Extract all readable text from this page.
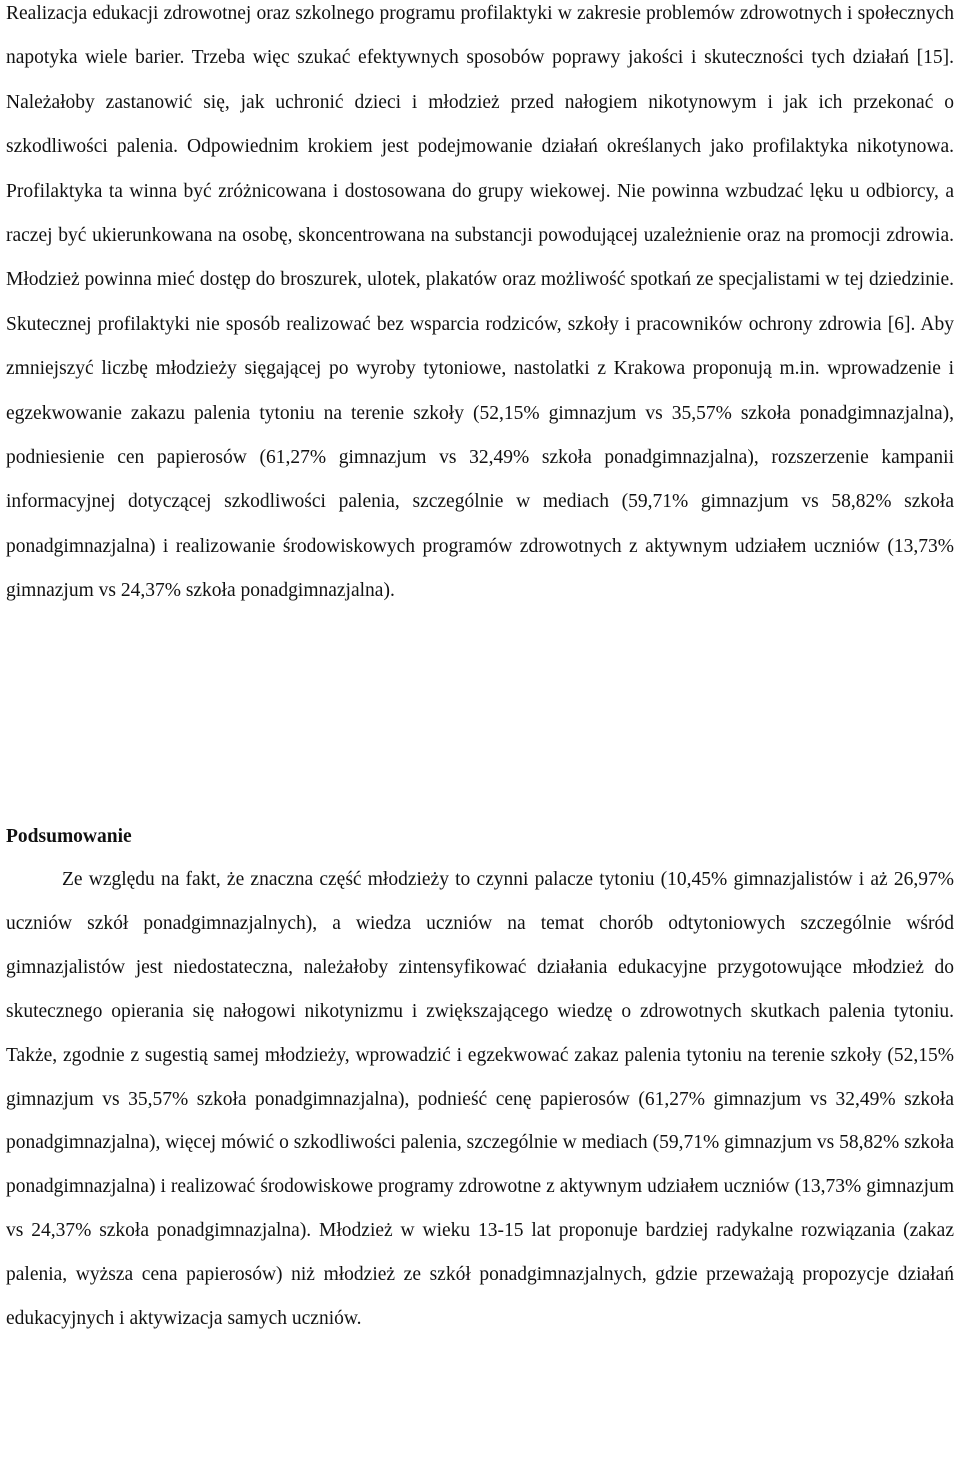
Realizacja edukacji zdrowotnej oraz szkolnego programu profilaktyki w zakresie problemów zdrowotnych i społecznych napotyka wiele barier. Trzeba więc szukać efektywnych sposobów poprawy jakości i skuteczności tych działań [15]. Należałoby zastanowić się, jak uchronić dzieci i młodzież przed nałogiem nikotynowym i jak ich przekonać o szkodliwości palenia. Odpowiednim krokiem jest podejmowanie działań określanych jako profilaktyka nikotynowa. Profilaktyka ta winna być zróżnicowana i dostosowana do grupy wiekowej. Nie powinna wzbudzać lęku u odbiorcy, a raczej być ukierunkowana na osobę, skoncentrowana na substancji powodującej uzależnienie oraz na promocji zdrowia. Młodzież powinna mieć dostęp do broszurek, ulotek, plakatów oraz możliwość spotkań ze specjalistami w tej dziedzinie. Skutecznej profilaktyki nie sposób realizować bez wsparcia rodziców, szkoły i pracowników ochrony zdrowia [6]. Aby zmniejszyć liczbę młodzieży sięgającej po wyroby tytoniowe, nastolatki z Krakowa proponują m.in. wprowadzenie i egzekwowanie zakazu palenia tytoniu na terenie szkoły (52,15% gimnazjum vs 35,57% szkoła ponadgimnazjalna), podniesienie cen papierosów (61,27% gimnazjum vs 32,49% szkoła ponadgimnazjalna), rozszerzenie kampanii informacyjnej dotyczącej szkodliwości palenia, szczególnie w mediach (59,71% gimnazjum vs 58,82% szkoła ponadgimnazjalna) i realizowanie środowiskowych programów zdrowotnych z aktywnym udziałem uczniów (13,73% gimnazjum vs 24,37% szkoła ponadgimnazjalna).

Podsumowanie

Ze względu na fakt, że znaczna część młodzieży to czynni palacze tytoniu (10,45% gimnazjalistów i aż 26,97% uczniów szkół ponadgimnazjalnych), a wiedza uczniów na temat chorób odtytoniowych szczególnie wśród gimnazjalistów jest niedostateczna, należałoby zintensyfikować działania edukacyjne przygotowujące młodzież do skutecznego opierania się nałogowi nikotynizmu i zwiększającego wiedzę o zdrowotnych skutkach palenia tytoniu. Także, zgodnie z sugestią samej młodzieży, wprowadzić i egzekwować zakaz palenia tytoniu na terenie szkoły (52,15% gimnazjum vs 35,57% szkoła ponadgimnazjalna), podnieść cenę papierosów (61,27% gimnazjum vs 32,49% szkoła ponadgimnazjalna), więcej mówić o szkodliwości palenia, szczególnie w mediach (59,71% gimnazjum vs 58,82% szkoła ponadgimnazjalna) i realizować środowiskowe programy zdrowotne z aktywnym udziałem uczniów (13,73% gimnazjum vs 24,37% szkoła ponadgimnazjalna). Młodzież w wieku 13-15 lat proponuje bardziej radykalne rozwiązania (zakaz palenia, wyższa cena papierosów) niż młodzież ze szkół ponadgimnazjalnych, gdzie przeważają propozycje działań edukacyjnych i aktywizacja samych uczniów.
